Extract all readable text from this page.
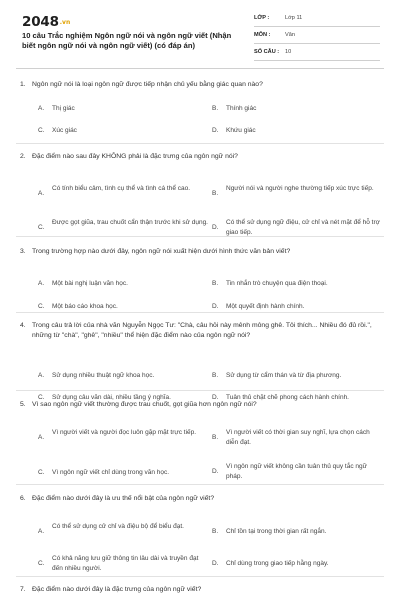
2048.vn
10 câu Trắc nghiệm Ngôn ngữ nói và ngôn ngữ viết (Nhận biết ngôn ngữ nói và ngôn ngữ viết) (có đáp án)
LỚP :	Lớp 11
MÔN :	Văn
SỐ CÂU : 10
1. Ngôn ngữ nói là loại ngôn ngữ được tiếp nhận chủ yếu bằng giác quan nào?
A.	Thị giác	B.	Thính giác
C.	Xúc giác	D.	Khứu giác
2. Đặc điểm nào sau đây KHÔNG phải là đặc trưng của ngôn ngữ nói?
A.
Có tính biểu cảm, tình cụ thể và tình cá thể cao.
B.
Người nói và người nghe thường tiếp xúc trực tiếp.
C.
Được gọt giũa, trau chuốt cẩn thận trước khi sử dụng.
D.
Có thể sử dụng ngữ điệu, cử chỉ và nét mặt để hỗ trợ giao tiếp.
3. Trong trường hợp nào dưới đây, ngôn ngữ nói xuất hiện dưới hình thức văn bản viết?
A.	Một bài nghị luận văn học.	B.	Tin nhắn trò chuyện qua điện thoại.
C.	Một báo cáo khoa học.	D.	Một quyết định hành chính.
4. Trong câu trả lời của nhà văn Nguyễn Ngọc Tư: "Chà, câu hỏi này mênh mông ghê. Tôi thích... Nhiều đó đủ rồi.", những từ "chà", "ghê", "nhiều" thể hiện đặc điểm nào của ngôn ngữ nói?
A.	Sử dụng nhiều thuật ngữ khoa học.	B.	Sử dụng từ cẩm thán và từ địa phương.
C.	Sử dụng câu văn dài, nhiều tầng ý nghĩa.	D.	Tuân thủ chặt chẽ phong cách hành chính.
5. Vì sao ngôn ngữ viết thường được trau chuốt, gọt giũa hơn ngôn ngữ nói?
A.
Vì người viết và người đọc luôn gặp mặt trực tiếp.
B.
Vì người viết có thời gian suy nghĩ, lựa chọn cách diễn đạt.
C.	Vì ngôn ngữ viết chỉ dùng trong văn học.	D.
Vì ngôn ngữ viết không cần tuân thủ quy tắc ngữ pháp.
6. Đặc điểm nào dưới đây là ưu thế nổi bật của ngôn ngữ viết?
A.
Có thể sử dụng cử chỉ và điệu bộ để biểu đạt.
B.	Chỉ tồn tại trong thời gian rất ngắn.
C.
Có khả năng lưu giữ thông tin lâu dài và truyền đạt đến nhiều người.
D.	Chỉ dùng trong giao tiếp hằng ngày.
7. Đặc điểm nào dưới đây là đặc trưng của ngôn ngữ viết?
